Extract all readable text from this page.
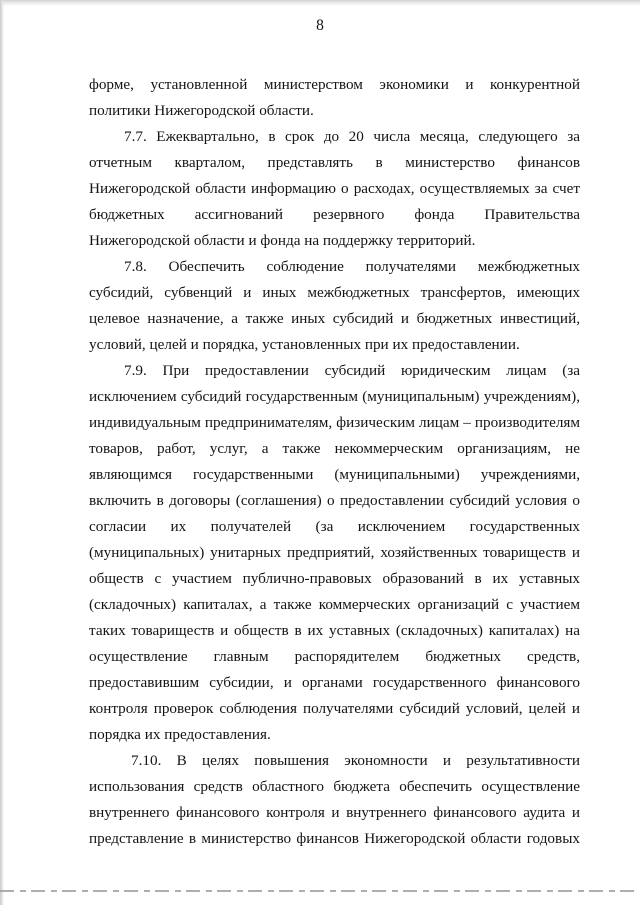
8
форме, установленной министерством экономики и конкурентной
политики Нижегородской области.
7.7. Ежеквартально, в срок до 20 числа месяца, следующего за
отчетным кварталом, представлять в министерство финансов
Нижегородской области информацию о расходах, осуществляемых за счет
бюджетных ассигнований резервного фонда Правительства
Нижегородской области и фонда на поддержку территорий.
7.8. Обеспечить соблюдение получателями межбюджетных
субсидий, субвенций и иных межбюджетных трансфертов, имеющих
целевое назначение, а также иных субсидий и бюджетных инвестиций,
условий, целей и порядка, установленных при их предоставлении.
7.9. При предоставлении субсидий юридическим лицам (за
исключением субсидий государственным (муниципальным) учреждениям),
индивидуальным предпринимателям, физическим лицам – производителям
товаров, работ, услуг, а также некоммерческим организациям, не
являющимся государственными (муниципальными) учреждениями,
включить в договоры (соглашения) о предоставлении субсидий условия о
согласии их получателей (за исключением государственных
(муниципальных) унитарных предприятий, хозяйственных товариществ и
обществ с участием публично-правовых образований в их уставных
(складочных) капиталах, а также коммерческих организаций с участием
таких товариществ и обществ в их уставных (складочных) капиталах) на
осуществление главным распорядителем бюджетных средств,
предоставившим субсидии, и органами государственного финансового
контроля проверок соблюдения получателями субсидий условий, целей и
порядка их предоставления.
7.10. В целях повышения экономности и результативности
использования средств областного бюджета обеспечить осуществление
внутреннего финансового контроля и внутреннего финансового аудита и
представление в министерство финансов Нижегородской области годовых
